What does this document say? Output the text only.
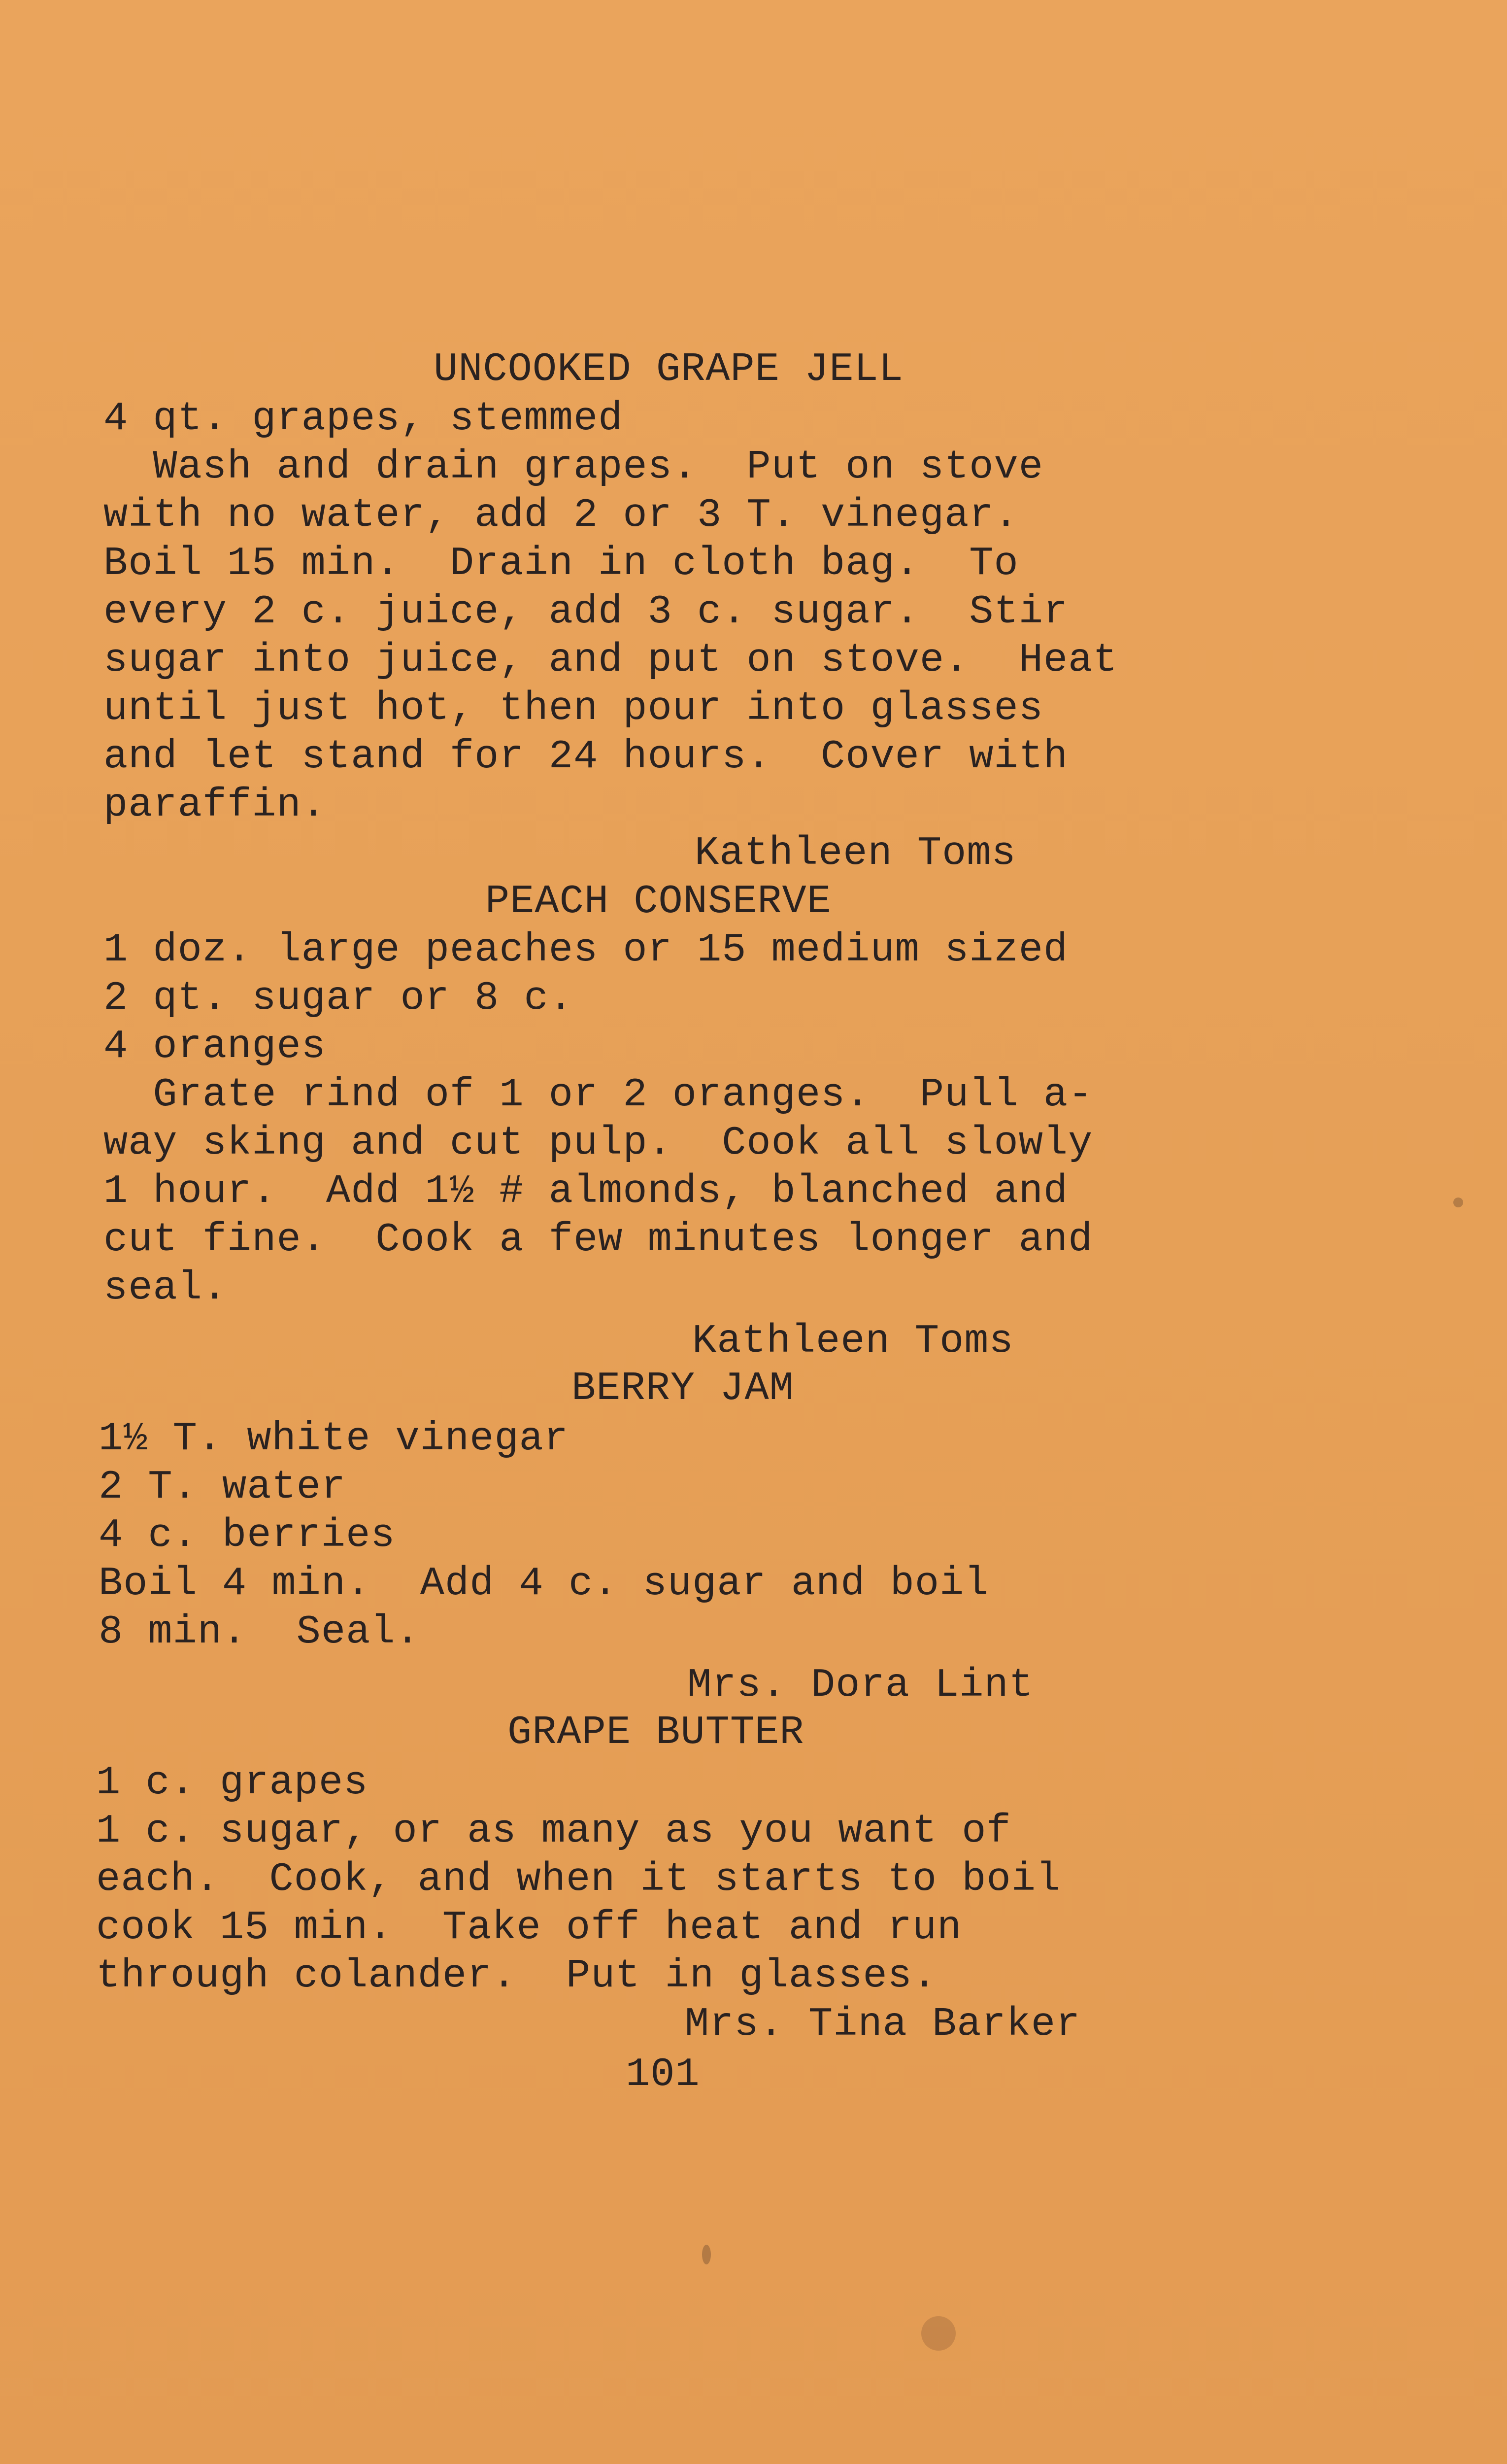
UNCOOKED GRAPE JELL
4 qt. grapes, stemmed
Wash and drain grapes.  Put on stove
with no water, add 2 or 3 T. vinegar.
Boil 15 min.  Drain in cloth bag.  To
every 2 c. juice, add 3 c. sugar.  Stir
sugar into juice, and put on stove.  Heat
until just hot, then pour into glasses
and let stand for 24 hours.  Cover with
paraffin.
Kathleen Toms
PEACH CONSERVE
1 doz. large peaches or 15 medium sized
2 qt. sugar or 8 c.
4 oranges
Grate rind of 1 or 2 oranges.  Pull a-
way sking and cut pulp.  Cook all slowly
1 hour.  Add 1½ # almonds, blanched and
cut fine.  Cook a few minutes longer and
seal.
Kathleen Toms
BERRY JAM
1½ T. white vinegar
2 T. water
4 c. berries
Boil 4 min.  Add 4 c. sugar and boil
8 min.  Seal.
Mrs. Dora Lint
GRAPE BUTTER
1 c. grapes
1 c. sugar, or as many as you want of
each.  Cook, and when it starts to boil
cook 15 min.  Take off heat and run
through colander.  Put in glasses.
Mrs. Tina Barker
101
